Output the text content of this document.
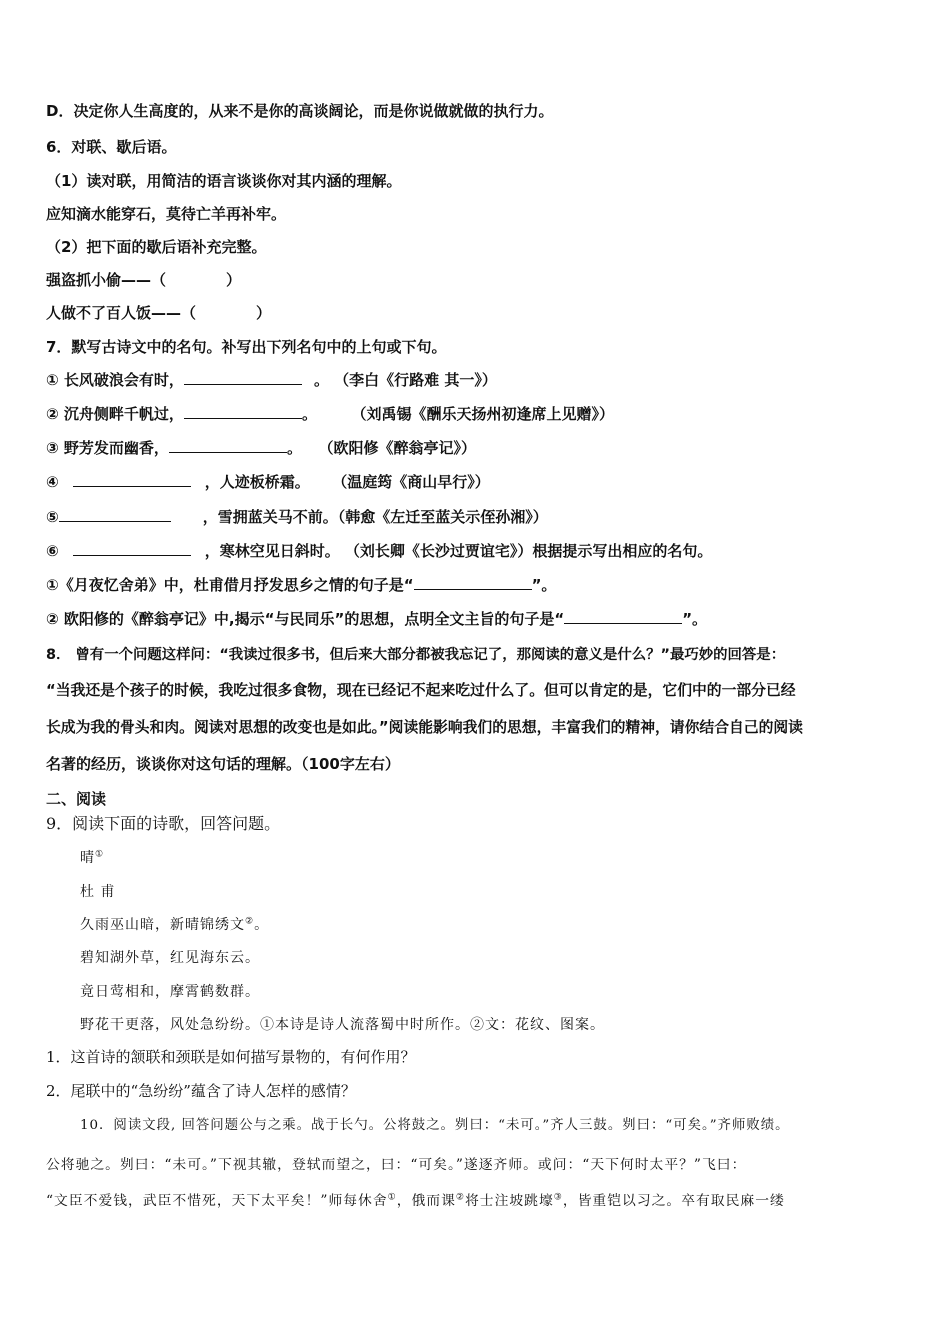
D．决定你人生高度的，从来不是你的高谈阔论，而是你说做就做的执行力。
6．对联、歇后语。
（1）读对联，用简洁的语言谈谈你对其内涵的理解。
应知滴水能穿石，莫待亡羊再补牢。
（2）把下面的歇后语补充完整。
强盗抓小偷——（	）
人做不了百人饭——（	）
7．默写古诗文中的名句。补写出下列名句中的上句或下句。
① 长风破浪会有时，	。 （李白《行路难 其一》）
② 沉舟侧畔千帆过，	。	（刘禹锡《酬乐天扬州初逢席上见赠》）
③ 野芳发而幽香，	。 （欧阳修《醉翁亭记》）
④	，人迹板桥霜。 （温庭筠《商山早行》）
⑤	，雪拥蓝关马不前。（韩愈《左迁至蓝关示侄孙湘》）
⑥	，寒林空见日斜时。 （刘长卿《长沙过贾谊宅》）根据提示写出相应的名句。
①《月夜忆舍弟》中，杜甫借月抒发思乡之情的句子是“	”。
② 欧阳修的《醉翁亭记》中,揭示“与民同乐”的思想，点明全文主旨的句子是“	”。
8． 曾有一个问题这样问：“我读过很多书，但后来大部分都被我忘记了，那阅读的意义是什么？”最巧妙的回答是：
“当我还是个孩子的时候，我吃过很多食物，现在已经记不起来吃过什么了。但可以肯定的是，它们中的一部分已经
长成为我的骨头和肉。阅读对思想的改变也是如此。”阅读能影响我们的思想，丰富我们的精神，请你结合自己的阅读
名著的经历，谈谈你对这句话的理解。（100字左右）
二、阅读
9．阅读下面的诗歌，回答问题。
晴①
杜 甫
久雨巫山暗，新晴锦绣文②。
碧知湖外草，红见海东云。
竟日莺相和，摩霄鹤数群。
野花干更落，风处急纷纷。①本诗是诗人流落蜀中时所作。②文：花纹、图案。
1．这首诗的颔联和颈联是如何描写景物的，有何作用？
2．尾联中的“急纷纷”蕴含了诗人怎样的感情？
10．阅读文段, 回答问题公与之乘。战于长勺。公将鼓之。刿曰：“未可。”齐人三鼓。刿曰：“可矣。”齐师败绩。
公将驰之。刿曰：“未可。”下视其辙，登轼而望之，曰：“可矣。”遂逐齐师。或问：“天下何时太平？”飞曰：
“文臣不爱钱，武臣不惜死，天下太平矣！”师每休舍①，俄而课②将士注坡跳壕③，皆重铠以习之。卒有取民麻一缕
